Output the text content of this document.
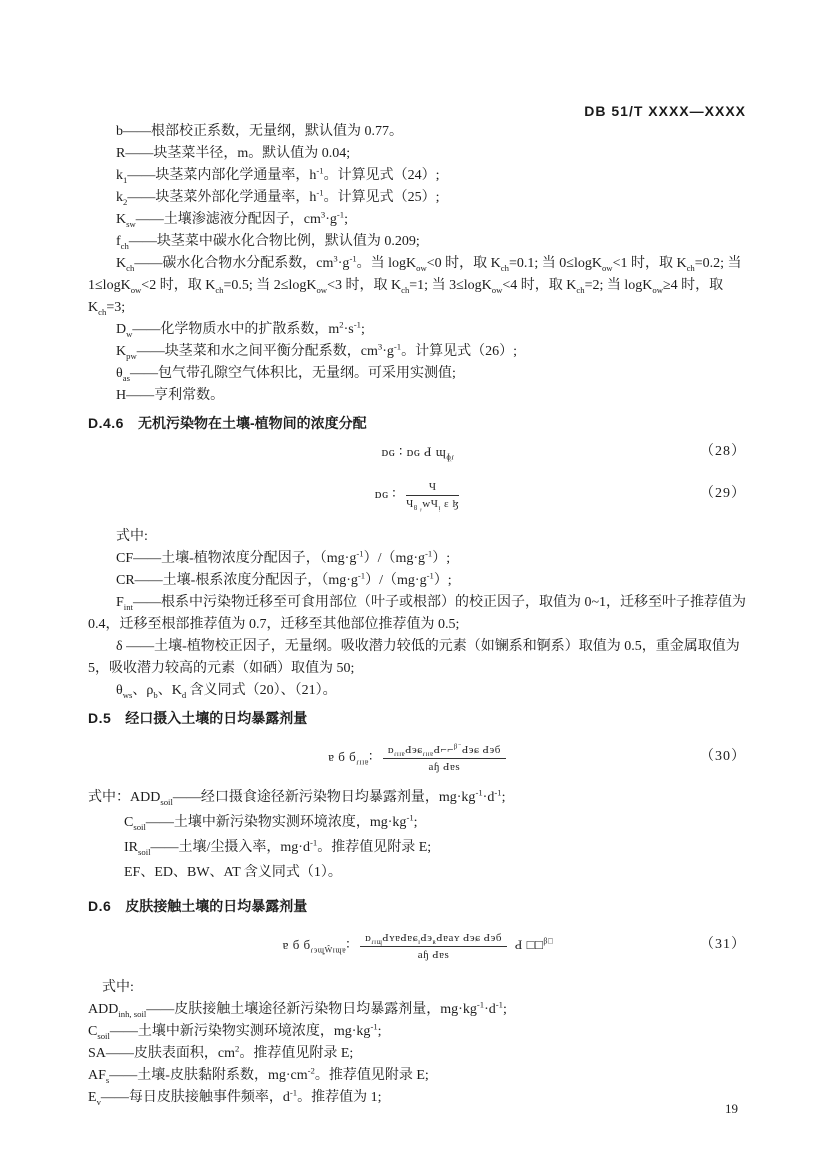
DB 51/T XXXX—XXXX

b——根部校正系数，无量纲，默认值为 0.77。

R——块茎菜半径，m。默认值为 0.04;

$k_1——$块茎菜内部化学通量率，$h^{-1}$。计算见式（24）;

$k_2——$块茎菜外部化学通量率，$h^{-1}$。计算见式（25）;

$K_{sw}——$土壤渗滤液分配因子，$cm^3\cdot g^{-1}$;

$f_{ch}——$块茎菜中碳水化合物比例，默认值为 0.209;

$K_{ch}——$碳水化合物水分配系数，$cm^3\cdot g^{-1}$。当 logK$_{ow}$<0 时，取 $K_{ch}=0.1$; 当 0≤logK$_{ow}$<1 时，取 $K_{ch}=0.2$; 当 1≤logK$_{ow}$<2 时，取 $K_{ch}=0.5$; 当 2≤logK$_{ow}$<3 时，取 $K_{ch}=1$; 当 3≤logK$_{ow}$<4 时，取 $K_{ch}=2$; 当 logK$_{ow}$≥4 时，取 $K_{ch}=3$;

$D_w——$化学物质水中的扩散系数，$m^2\cdot s^{-1}$;

$K_{pw}——$块茎菜和水之间平衡分配系数，$cm^3\cdot g^{-1}$。计算见式（26）;

$\theta_{as}——$包气带孔隙空气体积比，无量纲。可采用实测值;

H——亨利常数。

D.4.6 无机污染物在土壤-植物间的浓度分配
ᴅɢ ∶ ᴅɢ Ԁ ɰ$_{ɸ̜ɾ}$	（28）
ᴅɢ ∶ $\frac{Ч}{Ч_{ϐ ᵧ}wЧ_ᴉ \varepsilon ɮ}$	（29）

式中:

CF——土壤-植物浓度分配因子，$(mg\cdot g^{-1})/(mg\cdot g^{-1})$;

CR——土壤-根系浓度分配因子，$(mg\cdot g^{-1})/(mg\cdot g^{-1})$;

$F_{int}——$根系中污染物迁移至可食用部位（叶子或根部）的校正因子，取值为 0~1，迁移至叶子推荐值为 0.4，迁移至根部推荐值为 0.7，迁移至其他部位推荐值为 0.5;

δ ——土壤-植物校正因子，无量纲。吸收潜力较低的元素（如镧系和锕系）取值为 0.5，重金属取值为 5，吸收潜力较高的元素（如硒）取值为 50;

$\theta_{ws}$、$\rho_b$、$K_d$ 含义同式（20）、（21）。

D.5 经口摄入土壤的日均暴露剂量
ɐ б $б_{ɾɪɪɐ}∶ \frac{ᴅ_{ɾɪɪɐ}Ԁэɕ_{ɾɪɪɐ}Ԁ⌐⌐^{\beta^-}Ԁэɕ Ԁэб}{\text{aɧ Ԁɐs}}$	（30）

式中：$ADD_{soil}——$经口摄食途径新污染物日均暴露剂量，$mg\cdot kg^{-1}\cdot d^{-1}$;

$C_{soil}——$土壤中新污染物实测环境浓度，$mg\cdot kg^{-1}$;

$IR_{soil}——$土壤/尘摄入率，$mg\cdot d^{-1}$。推荐值见附录 E;

EF、ED、BW、AT 含义同式（1）。

D.6 皮肤接触土壤的日均暴露剂量
ɐ б $б_{ɾэɰ̟Ŵɪɰɐ}∶ \frac{ᴅ_{ɾɪɰ}ԀʏɐԀɐɕ_ɪԀэ_ʀԀɐaʏ Ԁэɕ Ԁэб}{\text{aɧ Ԁɐs}}$ Ԁ □□$^{\beta□}$	（31）

式中:

$ADD_{inh, soil}——$皮肤接触土壤途径新污染物日均暴露剂量，$mg\cdot kg^{-1}\cdot d^{-1}$;

$C_{soil}——$土壤中新污染物实测环境浓度，$mg\cdot kg^{-1}$;

SA——皮肤表面积，$cm^2$。推荐值见附录 E;

$AF_s——$土壤-皮肤黏附系数，$mg\cdot cm^{-2}$。推荐值见附录 E;

$E_v——$每日皮肤接触事件频率，$d^{-1}$。推荐值为 1;

19
